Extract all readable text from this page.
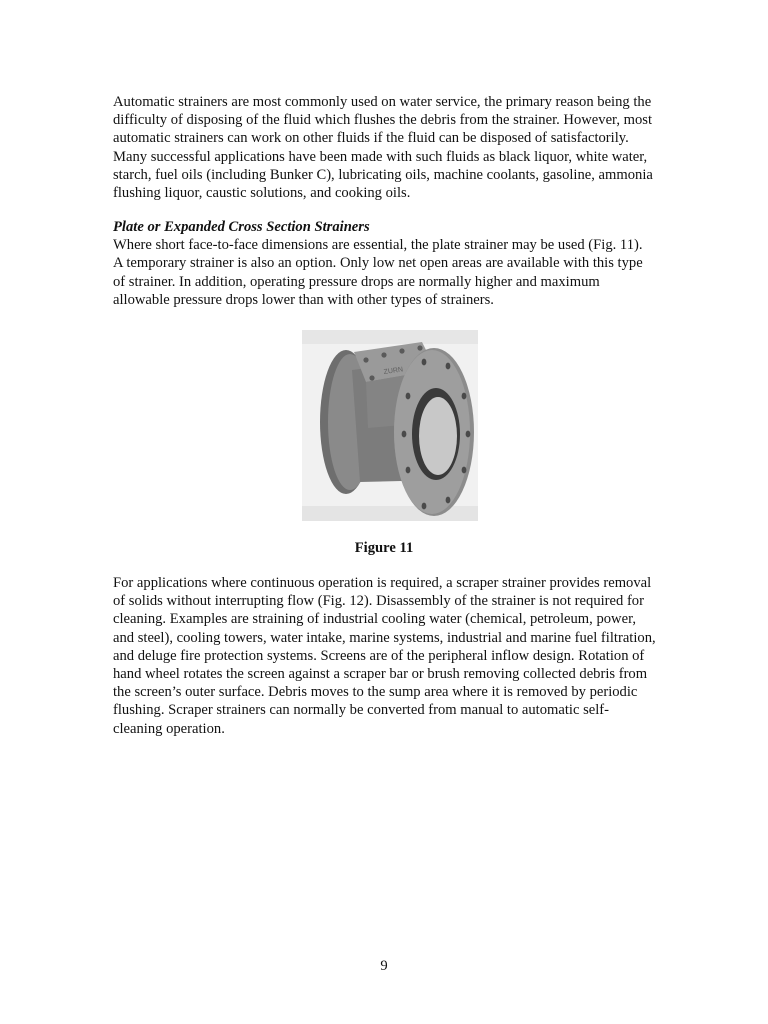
Automatic strainers are most commonly used on water service, the primary reason being the
difficulty of disposing of the fluid which flushes the debris from the strainer. However, most
automatic strainers can work on other fluids if the fluid can be disposed of satisfactorily.
Many successful applications have been made with such fluids as black liquor, white water,
starch, fuel oils (including Bunker C), lubricating oils, machine coolants, gasoline, ammonia
flushing liquor, caustic solutions, and cooking oils.

Plate or Expanded Cross Section Strainers
Where short face-to-face dimensions are essential, the plate strainer may be used (Fig. 11).
A temporary strainer is also an option. Only low net open areas are available with this type
of strainer. In addition, operating pressure drops are normally higher and maximum
allowable pressure drops lower than with other types of strainers.

ZURN
Figure 11

For applications where continuous operation is required, a scraper strainer provides removal
of solids without interrupting flow (Fig. 12). Disassembly of the strainer is not required for
cleaning. Examples are straining of industrial cooling water (chemical, petroleum, power,
and steel), cooling towers, water intake, marine systems, industrial and marine fuel filtration,
and deluge fire protection systems. Screens are of the peripheral inflow design. Rotation of
hand wheel rotates the screen against a scraper bar or brush removing collected debris from
the screen’s outer surface. Debris moves to the sump area where it is removed by periodic
flushing. Scraper strainers can normally be converted from manual to automatic self-
cleaning operation.

9
